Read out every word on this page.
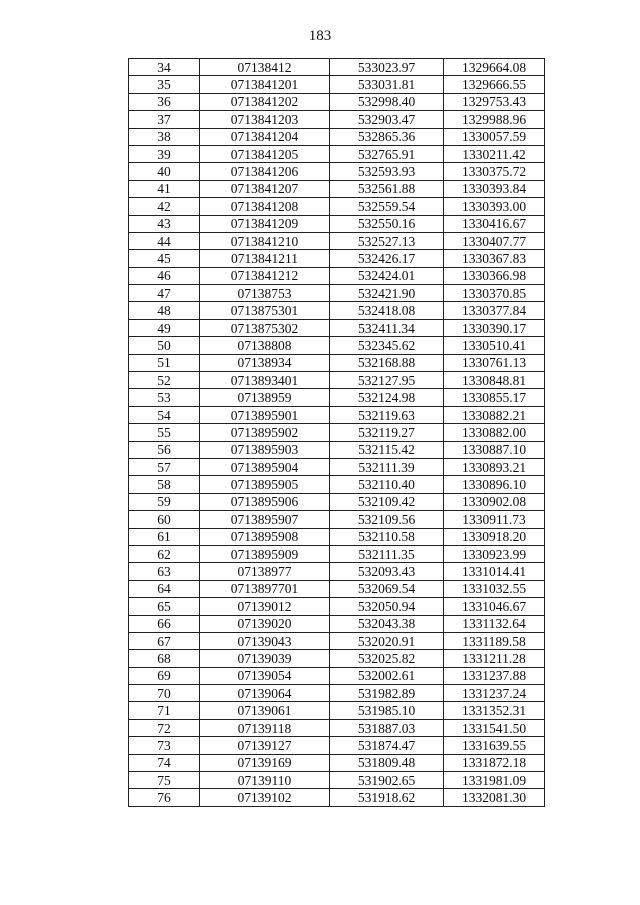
183
34	07138412	533023.97	1329664.08
35	0713841201	533031.81	1329666.55
36	0713841202	532998.40	1329753.43
37	0713841203	532903.47	1329988.96
38	0713841204	532865.36	1330057.59
39	0713841205	532765.91	1330211.42
40	0713841206	532593.93	1330375.72
41	0713841207	532561.88	1330393.84
42	0713841208	532559.54	1330393.00
43	0713841209	532550.16	1330416.67
44	0713841210	532527.13	1330407.77
45	0713841211	532426.17	1330367.83
46	0713841212	532424.01	1330366.98
47	07138753	532421.90	1330370.85
48	0713875301	532418.08	1330377.84
49	0713875302	532411.34	1330390.17
50	07138808	532345.62	1330510.41
51	07138934	532168.88	1330761.13
52	0713893401	532127.95	1330848.81
53	07138959	532124.98	1330855.17
54	0713895901	532119.63	1330882.21
55	0713895902	532119.27	1330882.00
56	0713895903	532115.42	1330887.10
57	0713895904	532111.39	1330893.21
58	0713895905	532110.40	1330896.10
59	0713895906	532109.42	1330902.08
60	0713895907	532109.56	1330911.73
61	0713895908	532110.58	1330918.20
62	0713895909	532111.35	1330923.99
63	07138977	532093.43	1331014.41
64	0713897701	532069.54	1331032.55
65	07139012	532050.94	1331046.67
66	07139020	532043.38	1331132.64
67	07139043	532020.91	1331189.58
68	07139039	532025.82	1331211.28
69	07139054	532002.61	1331237.88
70	07139064	531982.89	1331237.24
71	07139061	531985.10	1331352.31
72	07139118	531887.03	1331541.50
73	07139127	531874.47	1331639.55
74	07139169	531809.48	1331872.18
75	07139110	531902.65	1331981.09
76	07139102	531918.62	1332081.30
